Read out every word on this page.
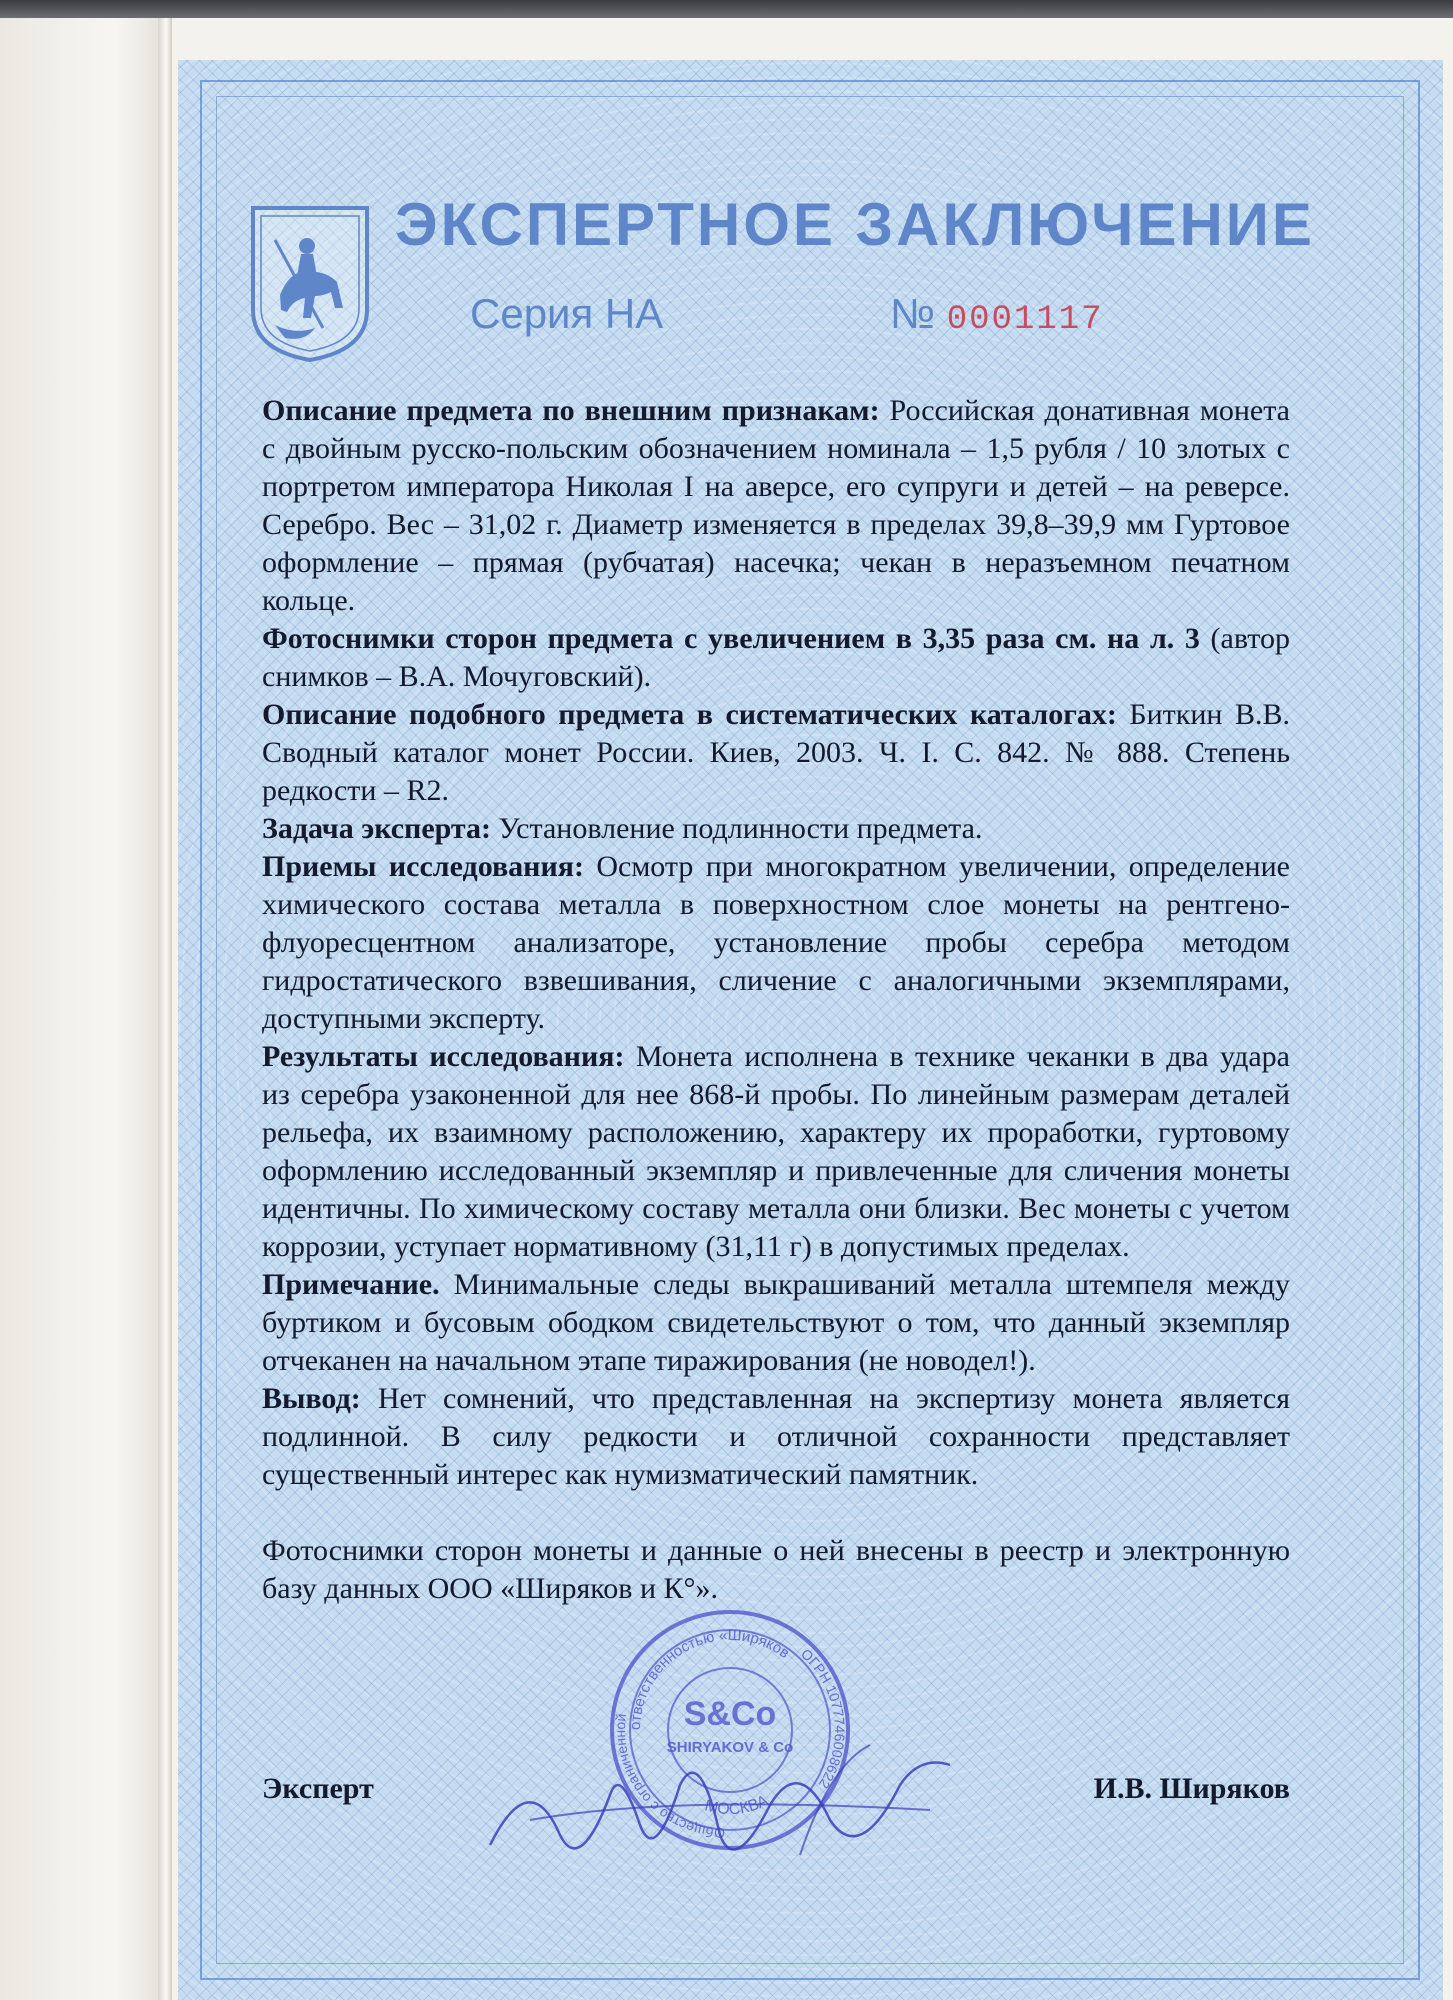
ЭКСПЕРТНОЕ ЗАКЛЮЧЕНИЕ
Серия НА	№ 0001117

Описание предмета по внешним признакам: Российская донативная монета с двойным русско-польским обозначением номинала – 1,5 рубля / 10 злотых с портретом императора Николая I на аверсе, его супруги и детей – на реверсе. Серебро. Вес – 31,02 г. Диаметр изменяется в пределах 39,8–39,9 мм Гуртовое оформление – прямая (рубчатая) насечка; чекан в неразъемном печатном кольце.

Фотоснимки сторон предмета с увеличением в 3,35 раза см. на л. 3 (автор снимков – В.А. Мочуговский).

Описание подобного предмета в систематических каталогах: Биткин В.В. Сводный каталог монет России. Киев, 2003. Ч. I. С. 842. № 888. Степень редкости – R2.

Задача эксперта: Установление подлинности предмета.

Приемы исследования: Осмотр при многократном увеличении, определение химического состава металла в поверхностном слое монеты на рентгено-флуоресцентном анализаторе, установление пробы серебра методом гидростатического взвешивания, сличение с аналогичными экземплярами, доступными эксперту.

Результаты исследования: Монета исполнена в технике чеканки в два удара из серебра узаконенной для нее 868-й пробы. По линейным размерам деталей рельефа, их взаимному расположению, характеру их проработки, гуртовому оформлению исследованный экземпляр и привлеченные для сличения монеты идентичны. По химическому составу металла они близки. Вес монеты с учетом коррозии, уступает нормативному (31,11 г) в допустимых пределах.

Примечание. Минимальные следы выкрашиваний металла штемпеля между буртиком и бусовым ободком свидетельствуют о том, что данный экземпляр отчеканен на начальном этапе тиражирования (не новодел!).

Вывод: Нет сомнений, что представленная на экспертизу монета является подлинной. В силу редкости и отличной сохранности представляет существенный интерес как нумизматический памятник.

Фотоснимки сторон монеты и данные о ней внесены в реестр и электронную базу данных ООО «Ширяков и К°».

ответственностью «Ширяков
Общество с ограниченной
ОГРН 1077746008622
МОСКВА
S&Co
SHIRYAKOV & Co
Эксперт	И.В. Ширяков
